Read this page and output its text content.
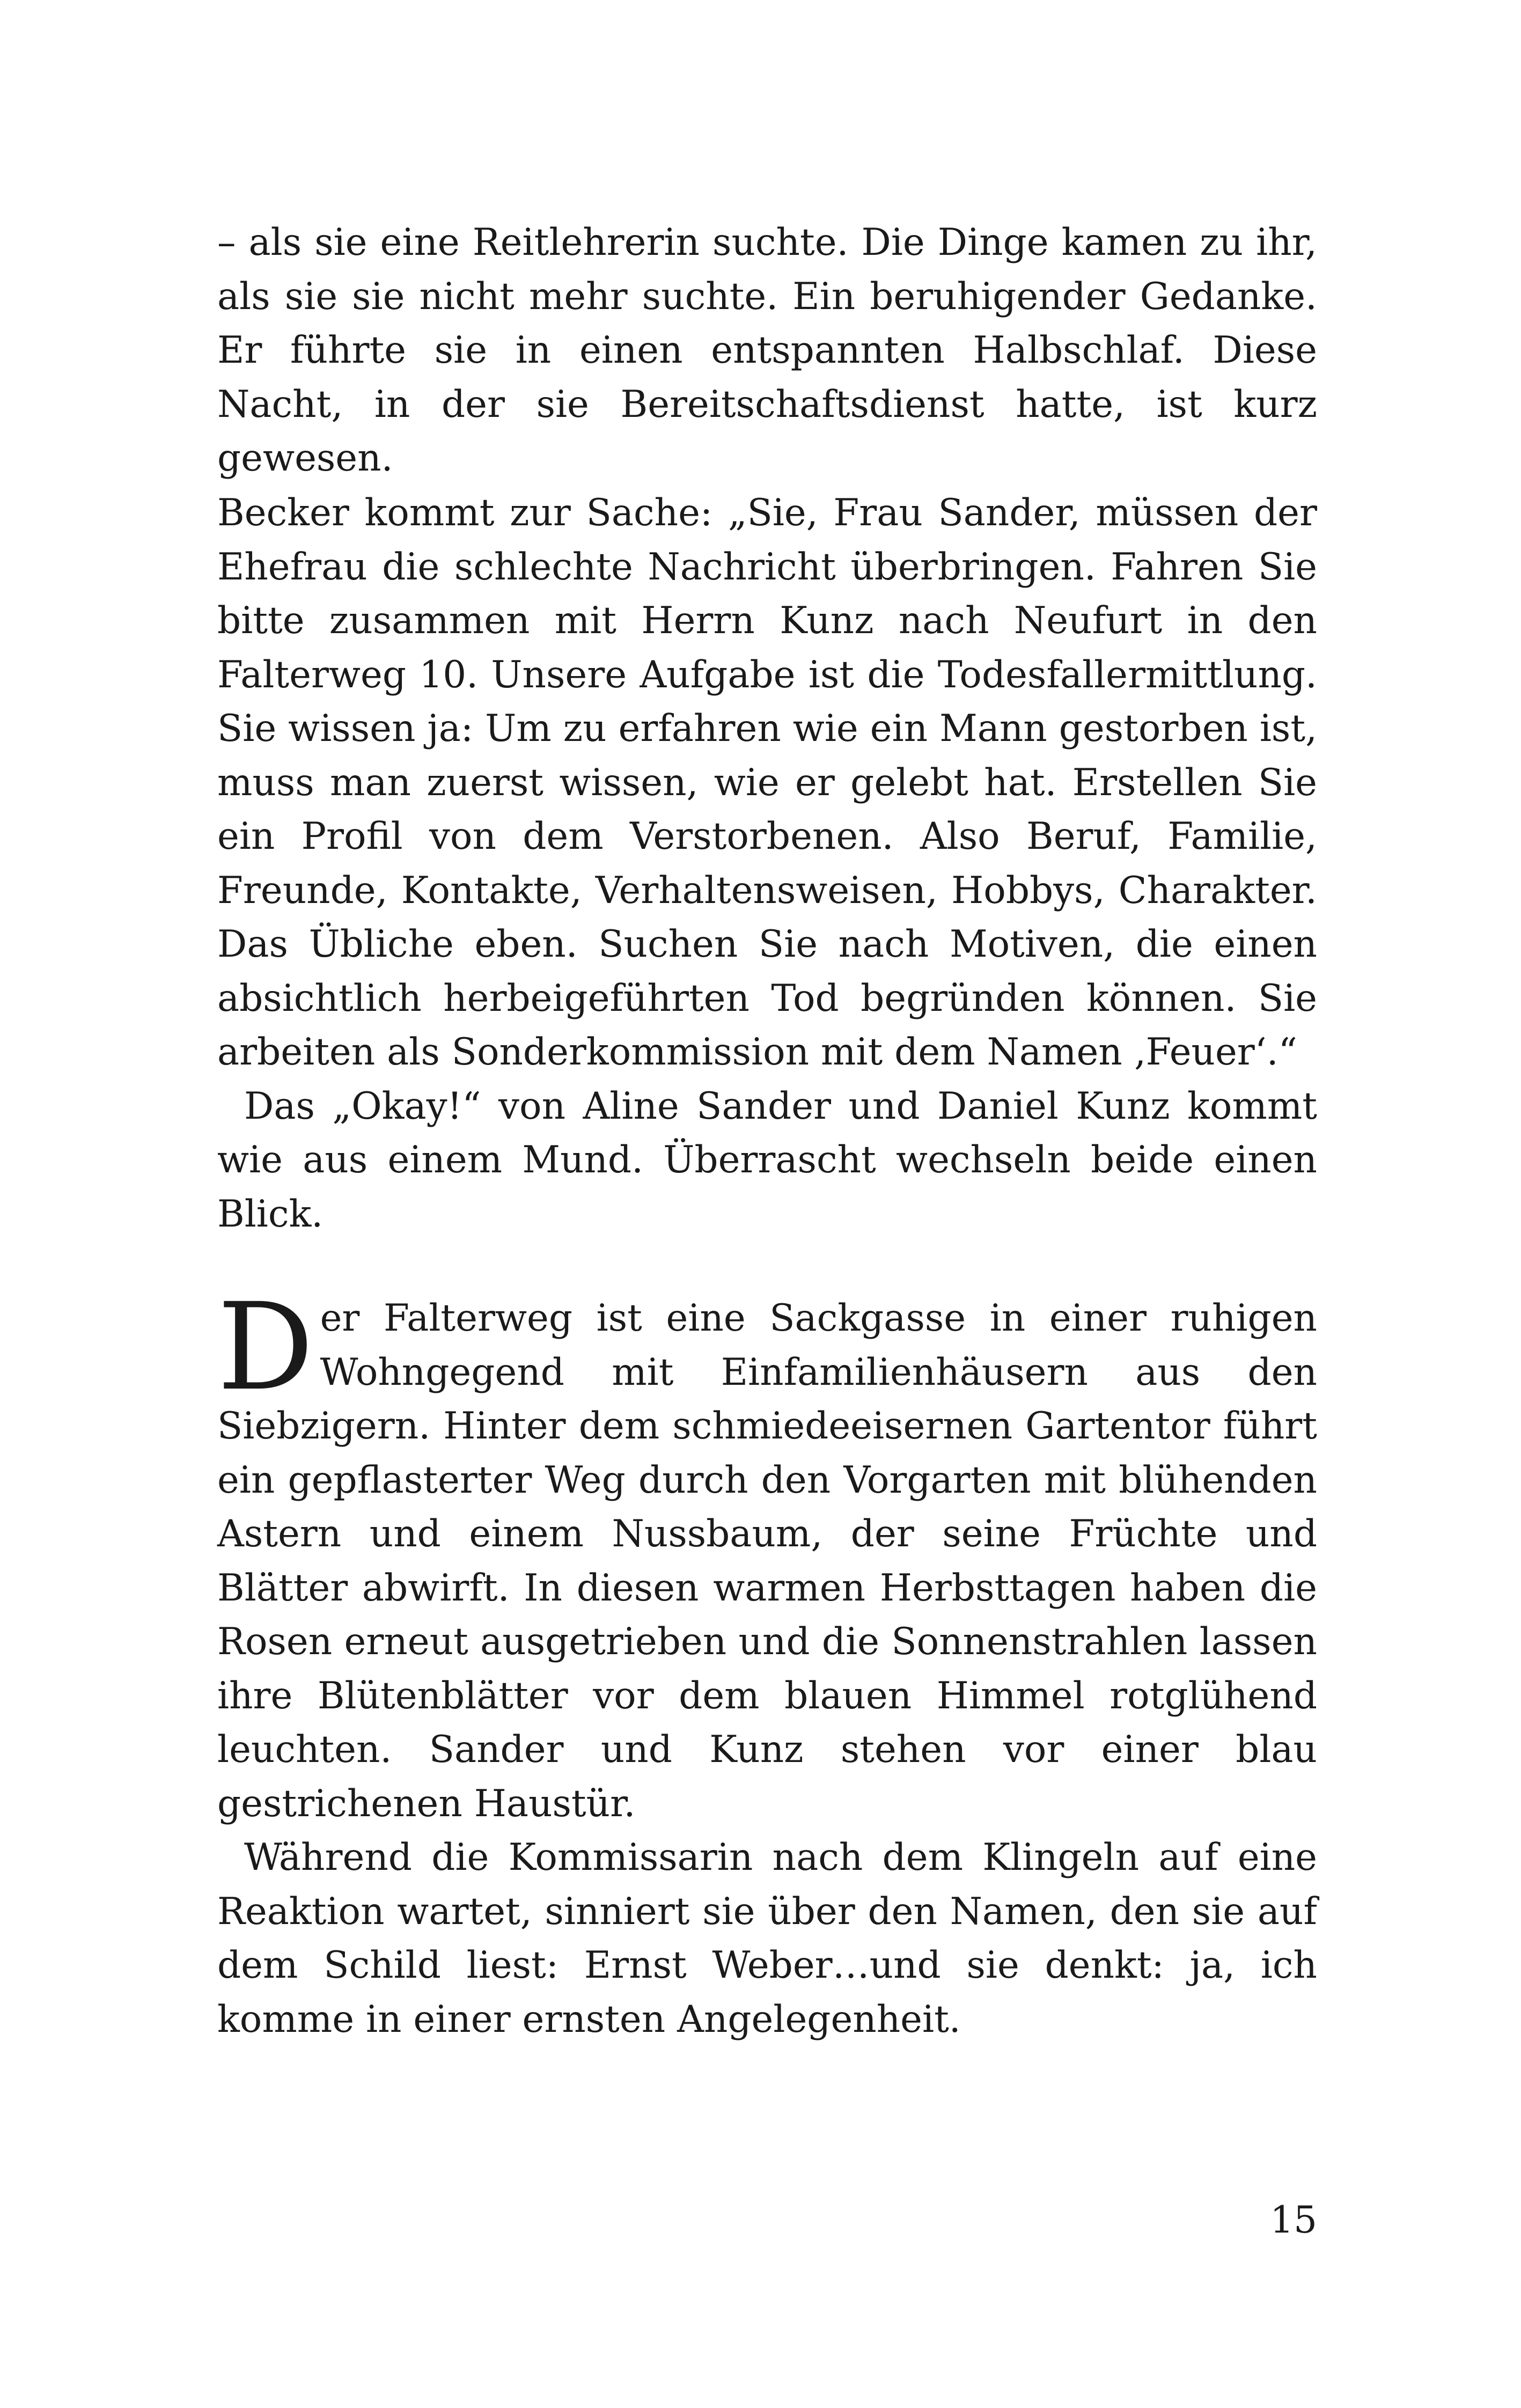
– als sie eine Reitlehrerin suchte. Die Dinge kamen zu ihr, als sie sie nicht mehr suchte. Ein beruhigender Gedanke. Er führte sie in einen entspannten Halbschlaf. Diese Nacht, in der sie Bereitschaftsdienst hatte, ist kurz gewesen.

Becker kommt zur Sache: „Sie, Frau Sander, müssen der Ehefrau die schlechte Nachricht überbringen. Fahren Sie bitte zusammen mit Herrn Kunz nach Neufurt in den Falterweg 10. Unsere Aufgabe ist die Todesfallermittlung. Sie wissen ja: Um zu erfahren wie ein Mann gestorben ist, muss man zuerst wissen, wie er gelebt hat. Erstellen Sie ein Profil von dem Verstorbenen. Also Beruf, Familie, Freunde, Kontakte, Verhaltensweisen, Hobbys, Charakter. Das Übliche eben. Suchen Sie nach Motiven, die einen absichtlich herbeigeführten Tod begründen können. Sie arbeiten als Sonderkommission mit dem Namen ‚Feuer‘.“

Das „Okay!“ von Aline Sander und Daniel Kunz kommt wie aus einem Mund. Überrascht wechseln beide einen Blick.

Der Falterweg ist eine Sackgasse in einer ruhigen Wohngegend mit Einfamilienhäusern aus den Siebzigern. Hinter dem schmiedeeisernen Gartentor führt ein gepflasterter Weg durch den Vorgarten mit blühenden Astern und einem Nussbaum, der seine Früchte und Blätter abwirft. In diesen warmen Herbsttagen haben die Rosen erneut ausgetrieben und die Sonnenstrahlen lassen ihre Blütenblätter vor dem blauen Himmel rotglühend leuchten. Sander und Kunz stehen vor einer blau gestrichenen Haustür.

Während die Kommissarin nach dem Klingeln auf eine Reaktion wartet, sinniert sie über den Namen, den sie auf dem Schild liest: Ernst Weber…und sie denkt: ja, ich komme in einer ernsten Angelegenheit.

15
